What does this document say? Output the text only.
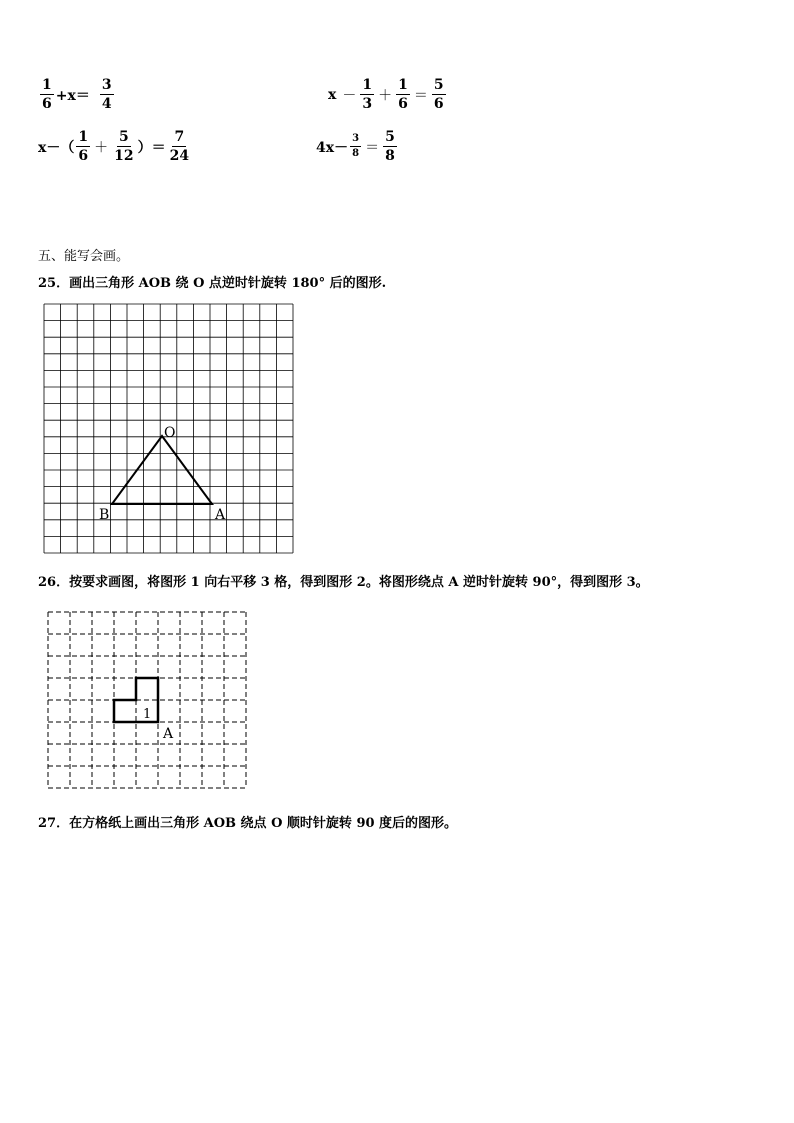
$\frac{1}{6} +x= \frac{3}{4}$	$x - \frac{1}{3} + \frac{1}{6} = \frac{5}{6}$
$x-( \frac{1}{6} + \frac{5}{12}$ ）＝ $\frac{7}{24}$	$4x- \frac{3}{8} = \frac{5}{8}$
五、能写会画。
25．画出三角形 AOB 绕 O 点逆时针旋转 180° 后的图形.
O
B	A
26．按要求画图，将图形 1 向右平移 3 格，得到图形 2。将图形绕点 A 逆时针旋转 90°，得到图形 3。
1
A
27．在方格纸上画出三角形 AOB 绕点 O 顺时针旋转 90 度后的图形。
